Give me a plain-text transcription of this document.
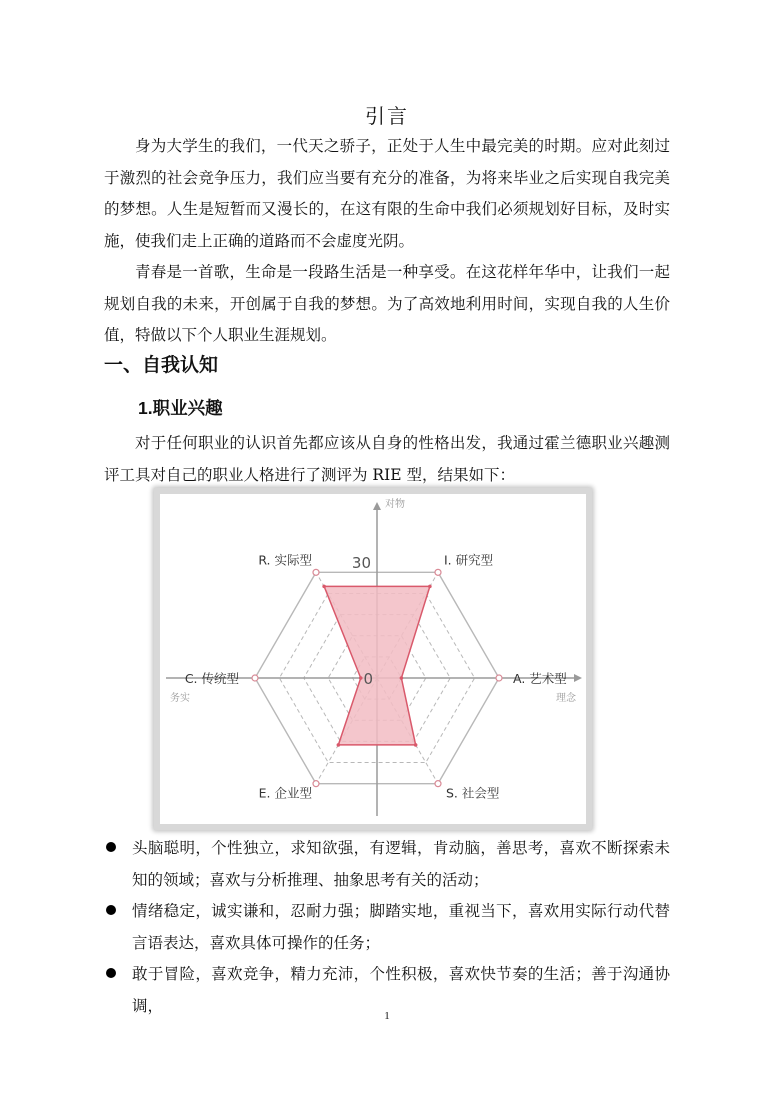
引言

身为大学生的我们，一代天之骄子，正处于人生中最完美的时期。应对此刻过于激烈的社会竞争压力，我们应当要有充分的准备，为将来毕业之后实现自我完美的梦想。人生是短暂而又漫长的，在这有限的生命中我们必须规划好目标，及时实施，使我们走上正确的道路而不会虚度光阴。

青春是一首歌，生命是一段路生活是一种享受。在这花样年华中，让我们一起规划自我的未来，开创属于自我的梦想。为了高效地利用时间，实现自我的人生价值，特做以下个人职业生涯规划。

一、自我认知
1.职业兴趣

对于任何职业的认识首先都应该从自身的性格出发，我通过霍兰德职业兴趣测评工具对自己的职业人格进行了测评为 RIE 型，结果如下：

R. 实际型	I. 研究型
A. 艺术型
S. 社会型
E. 企业型
C. 传统型
30
0
对物
务实	理念
头脑聪明，个性独立，求知欲强，有逻辑，肯动脑，善思考，喜欢不断探索未知的领域；喜欢与分析推理、抽象思考有关的活动；
情绪稳定，诚实谦和，忍耐力强；脚踏实地，重视当下，喜欢用实际行动代替言语表达，喜欢具体可操作的任务；
敢于冒险，喜欢竞争，精力充沛，个性积极，喜欢快节奏的生活；善于沟通协调，
1
